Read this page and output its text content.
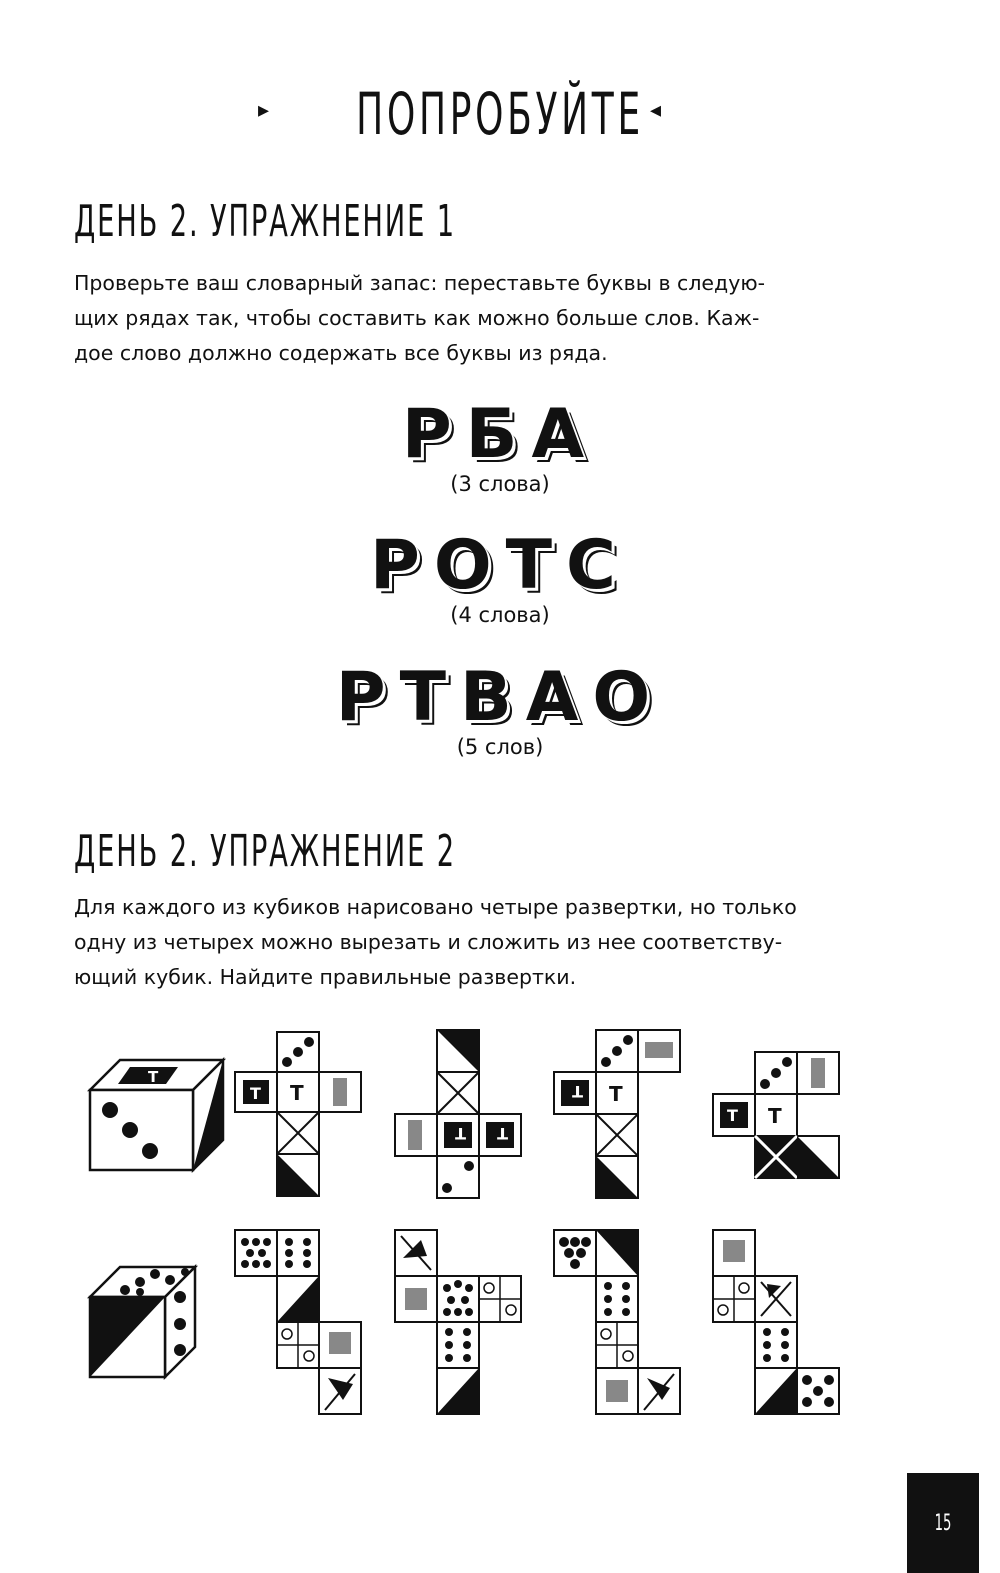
▸	ПОПРОБУЙТЕ ◂
ДЕНЬ 2. УПРАЖНЕНИЕ 1

Проверьте ваш словарный запас: переставьте буквы в следую-
щих рядах так, чтобы составить как можно больше слов. Каж-
дое слово должно содержать все буквы из ряда.

РБА
(3 слова)
РОТС
(4 слова)
РТВАО
(5 слов)
ДЕНЬ 2. УПРАЖНЕНИЕ 2

Для каждого из кубиков нарисовано четыре развертки, но только
одну из четырех можно вырезать и сложить из нее соответству-
ющий кубик. Найдите правильные развертки.

T
T T
T T
T T
T T
15
